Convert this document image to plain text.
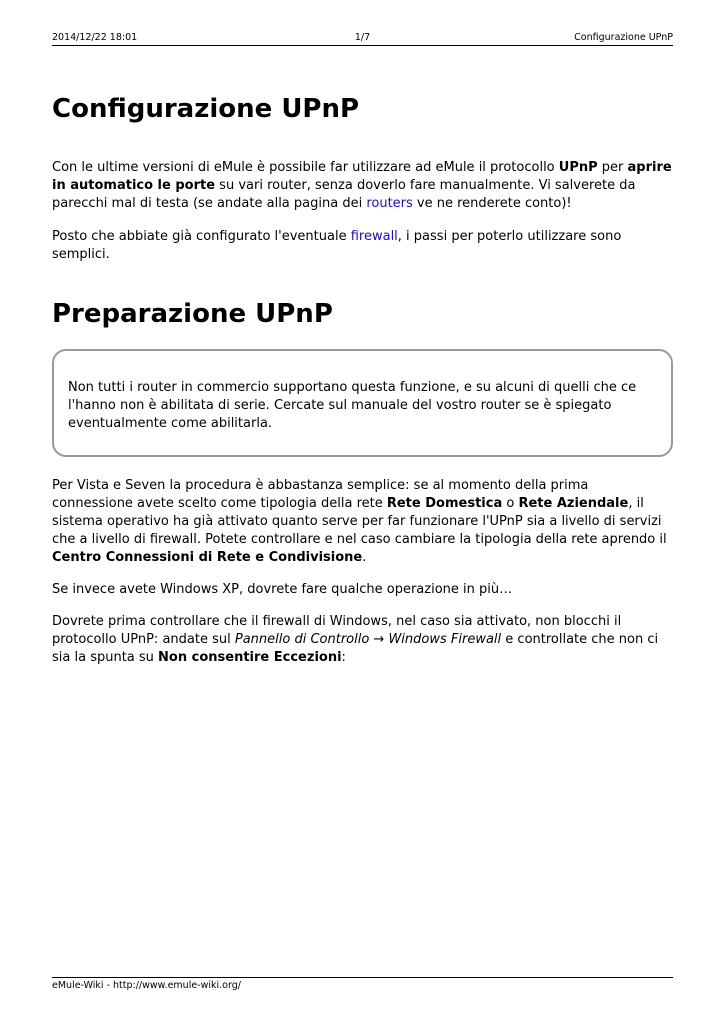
2014/12/22 18:01	1/7	Configurazione UPnP
Configurazione UPnP

Con le ultime versioni di eMule è possibile far utilizzare ad eMule il protocollo UPnP per aprire in automatico le porte su vari router, senza doverlo fare manualmente. Vi salverete da parecchi mal di testa (se andate alla pagina dei routers ve ne renderete conto)!

Posto che abbiate già configurato l'eventuale firewall, i passi per poterlo utilizzare sono semplici.

Preparazione UPnP

Non tutti i router in commercio supportano questa funzione, e su alcuni di quelli che ce l'hanno non è abilitata di serie. Cercate sul manuale del vostro router se è spiegato eventualmente come abilitarla.

Per Vista e Seven la procedura è abbastanza semplice: se al momento della prima connessione avete scelto come tipologia della rete Rete Domestica o Rete Aziendale, il sistema operativo ha già attivato quanto serve per far funzionare l'UPnP sia a livello di servizi che a livello di firewall. Potete controllare e nel caso cambiare la tipologia della rete aprendo il Centro Connessioni di Rete e Condivisione.

Se invece avete Windows XP, dovrete fare qualche operazione in più…

Dovrete prima controllare che il firewall di Windows, nel caso sia attivato, non blocchi il protocollo UPnP: andate sul Pannello di Controllo → Windows Firewall e controllate che non ci sia la spunta su Non consentire Eccezioni:

eMule-Wiki - http://www.emule-wiki.org/
